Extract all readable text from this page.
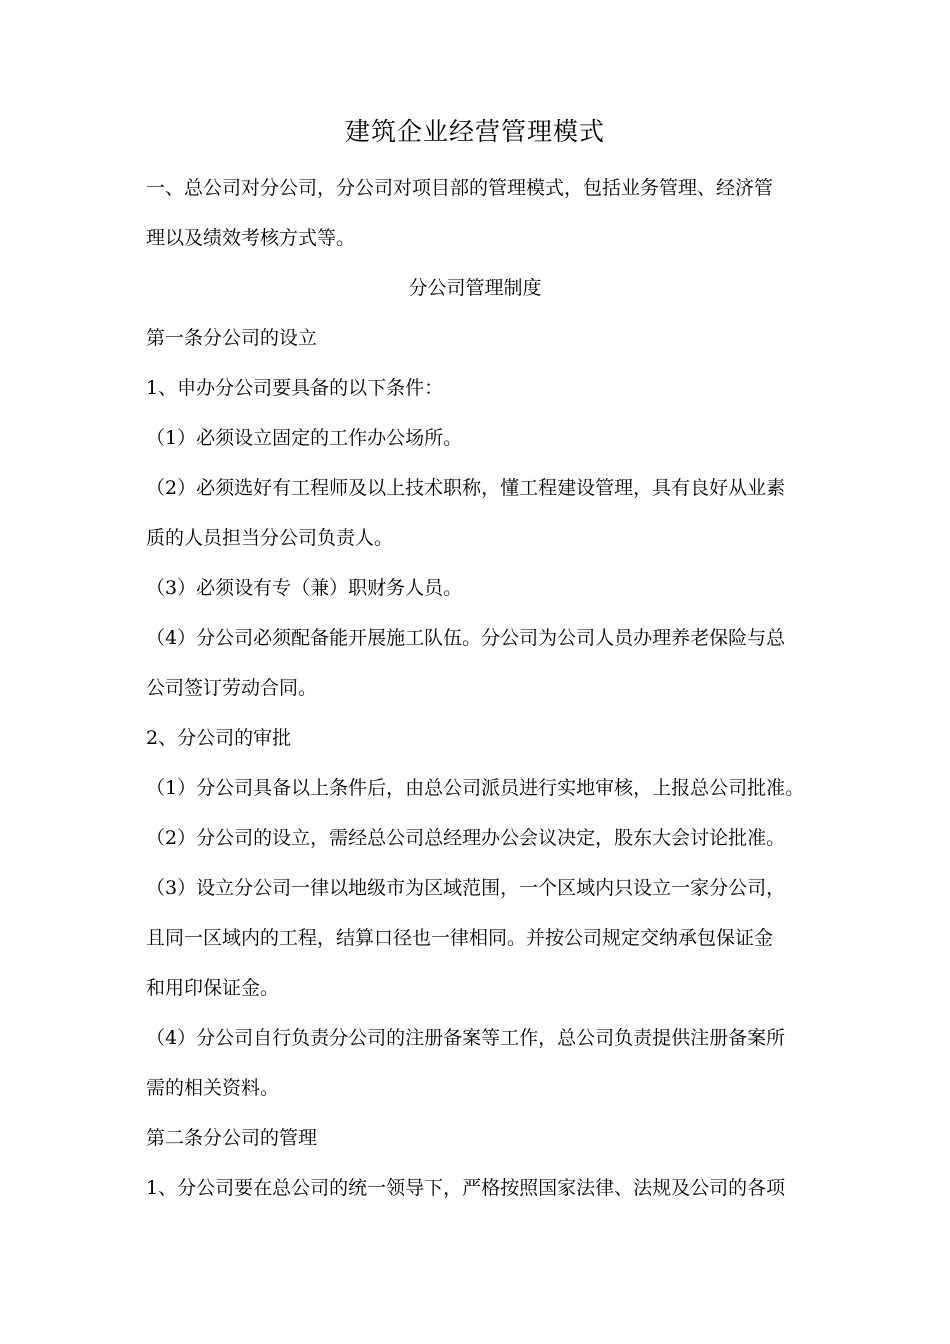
建筑企业经营管理模式
一、总公司对分公司，分公司对项目部的管理模式，包括业务管理、经济管
理以及绩效考核方式等。
分公司管理制度
第一条分公司的设立
1、申办分公司要具备的以下条件：
（1）必须设立固定的工作办公场所。
（2）必须选好有工程师及以上技术职称，懂工程建设管理，具有良好从业素
质的人员担当分公司负责人。
（3）必须设有专（兼）职财务人员。
（4）分公司必须配备能开展施工队伍。分公司为公司人员办理养老保险与总
公司签订劳动合同。
2、分公司的审批
（1）分公司具备以上条件后，由总公司派员进行实地审核，上报总公司批准。
（2）分公司的设立，需经总公司总经理办公会议决定，股东大会讨论批准。
（3）设立分公司一律以地级市为区域范围，一个区域内只设立一家分公司，
且同一区域内的工程，结算口径也一律相同。并按公司规定交纳承包保证金
和用印保证金。
（4）分公司自行负责分公司的注册备案等工作，总公司负责提供注册备案所
需的相关资料。
第二条分公司的管理
1、分公司要在总公司的统一领导下，严格按照国家法律、法规及公司的各项
